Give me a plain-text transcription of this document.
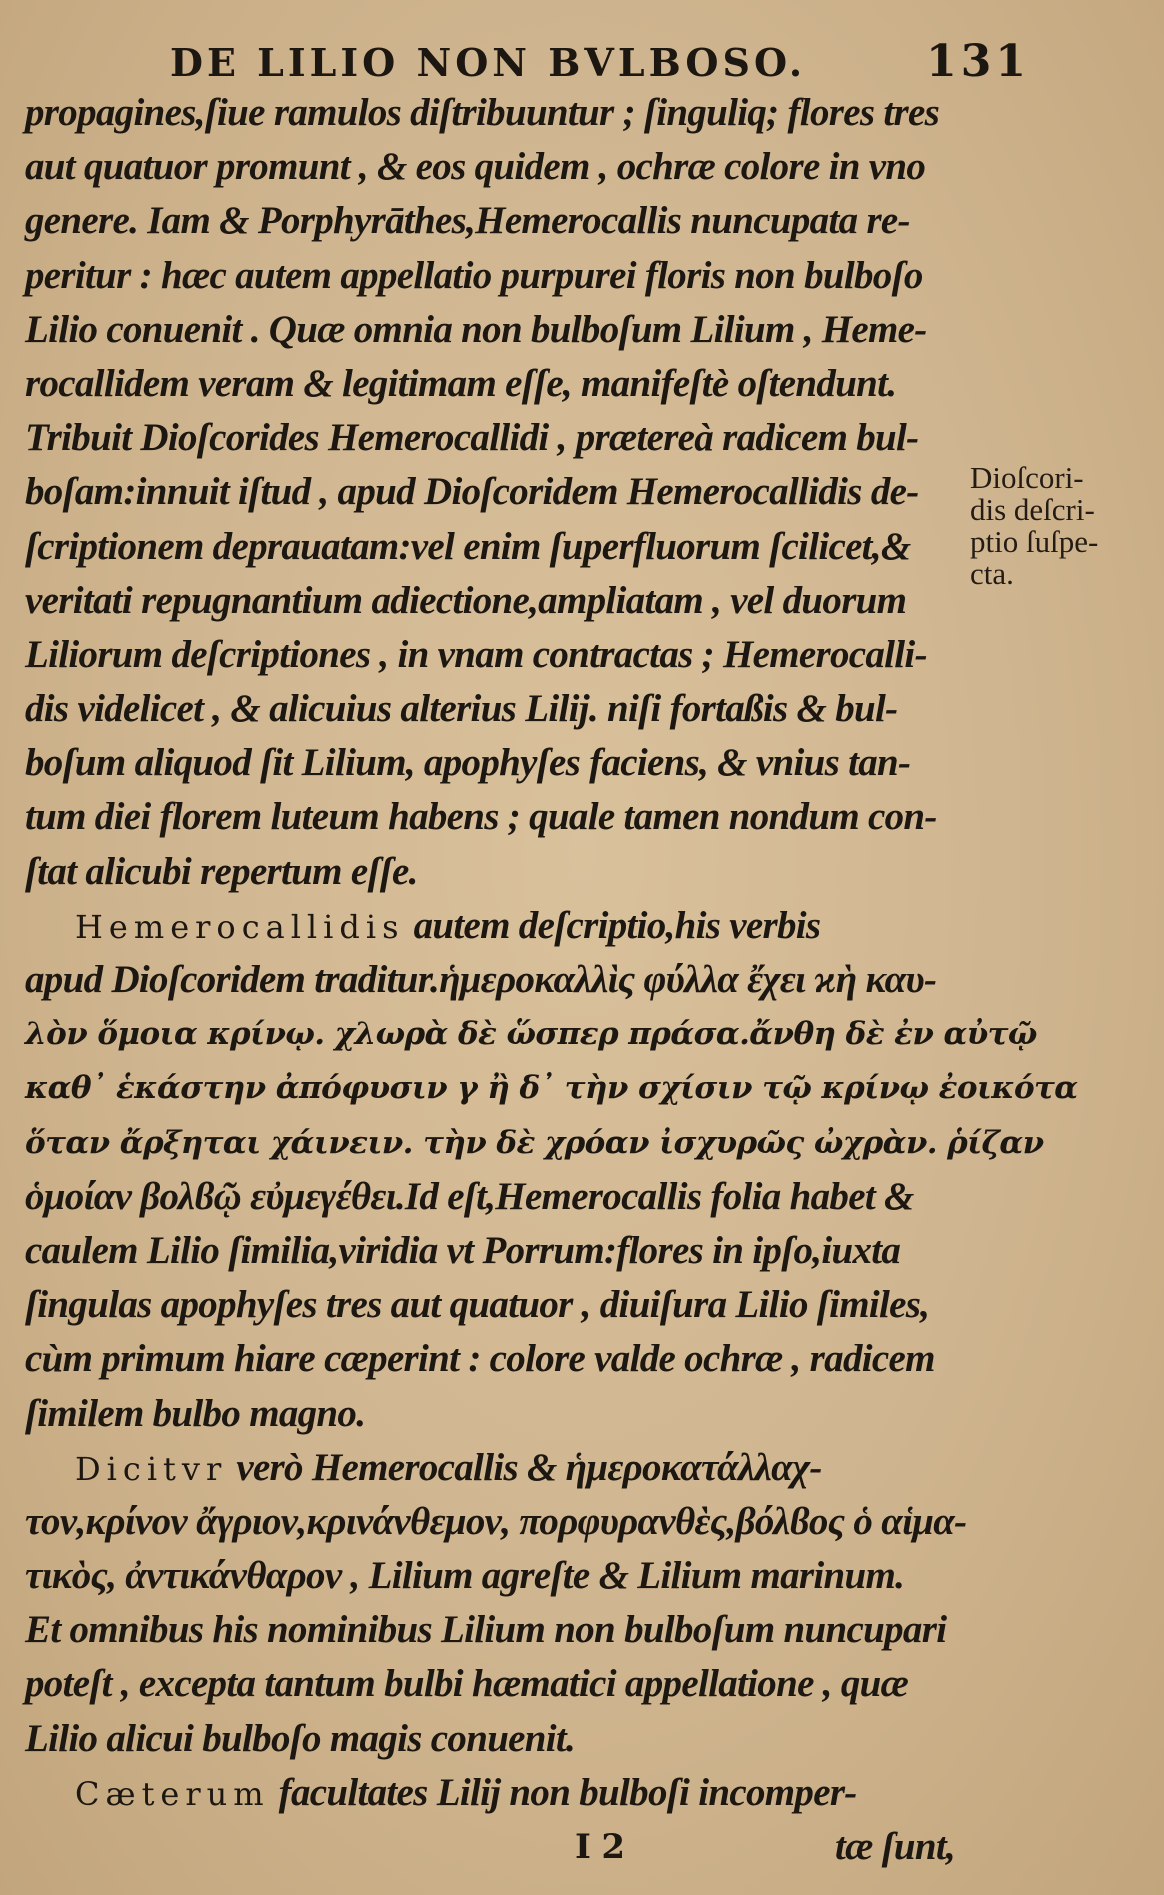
DE LILIO NON BVLBOSO.	131
Dioſcori-
dis deſcri-
ptio ſuſpe-
cta.
propagines,ſiue ramulos diſtribuuntur ; ſinguliq; flores tres
aut quatuor promunt , & eos quidem , ochræ colore in vno
genere. Iam & Porphyrāthes,Hemerocallis nuncupata re-
peritur : hæc autem appellatio purpurei floris non bulboſo
Lilio conuenit . Quæ omnia non bulboſum Lilium , Heme-
rocallidem veram & legitimam eſſe, manifeſtè oſtendunt.
Tribuit Dioſcorides Hemerocallidi , prætereà radicem bul-
boſam:innuit iſtud , apud Dioſcoridem Hemerocallidis de-
ſcriptionem deprauatam:vel enim ſuperfluorum ſcilicet,&
veritati repugnantium adiectione,ampliatam , vel duorum
Liliorum deſcriptiones , in vnam contractas ; Hemerocalli-
dis videlicet , & alicuius alterius Lilij. niſi fortaßis & bul-
boſum aliquod ſit Lilium, apophyſes faciens, & vnius tan-
tum diei florem luteum habens ; quale tamen nondum con-
ſtat alicubi repertum eſſe.
Hemerocallidis autem deſcriptio,his verbis
apud Dioſcoridem traditur.ἡμεροκαλλὶς φύλλα ἔχει ϰὴ καυ-
λὸν ὅμοια κρίνῳ. χλωρὰ δὲ ὥσπερ πράσα.ἄνθη δὲ ἐν αὐτῷ
καθ᾽ ἑκάστην ἀπόφυσιν γ ἢ δ᾽ τὴν σχίσιν τῷ κρίνῳ ἐοικότα
ὅταν ἄρξηται χάινειν. τὴν δὲ χρόαν ἰσχυρῶς ὠχρὰν. ῥίζαν
ὁμοίαν βολϐῷ εὐμεγέθει.Id eſt,Hemerocallis folia habet &
caulem Lilio ſimilia,viridia vt Porrum:flores in ipſo,iuxta
ſingulas apophyſes tres aut quatuor , diuiſura Lilio ſimiles,
cùm primum hiare cæperint : colore valde ochræ , radicem
ſimilem bulbo magno.
Dicitvr verò Hemerocallis & ἡμεροκατάλλαχ-
τον,κρίνον ἄγριον,κρινάνθεμον, πορφυρανθὲς,βόλϐος ὁ αἱμα-
τικὸς, ἀντικάνθαρον , Lilium agreſte & Lilium marinum.
Et omnibus his nominibus Lilium non bulboſum nuncupari
poteſt , excepta tantum bulbi hæmatici appellatione , quæ
Lilio alicui bulboſo magis conuenit.
Cæterum facultates Lilij non bulboſi incomper-
I 2	tæ ſunt,
